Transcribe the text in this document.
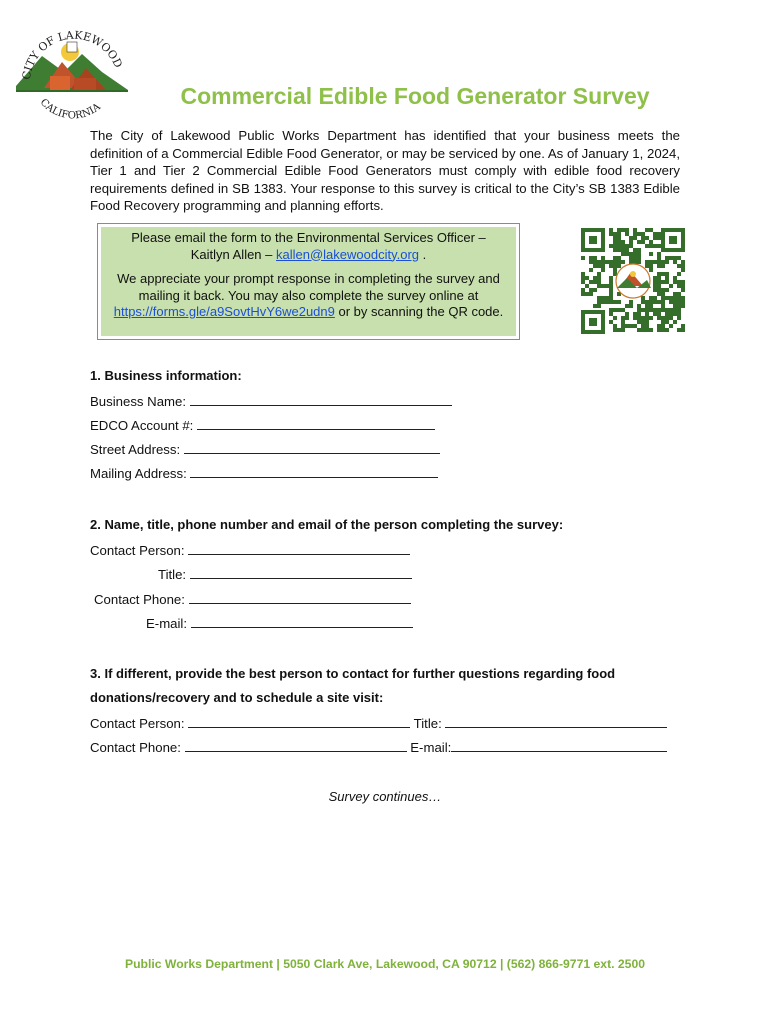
CITY OF LAKEWOOD
CALIFORNIA	Commercial Edible Food Generator Survey
The City of Lakewood Public Works Department has identified that your business meets the definition of a Commercial Edible Food Generator, or may be serviced by one. As of January 1, 2024, Tier 1 and Tier 2 Commercial Edible Food Generators must comply with edible food recovery requirements defined in SB 1383. Your response to this survey is critical to the City’s SB 1383 Edible Food Recovery programming and planning efforts.

Please email the form to the Environmental Services Officer –
Kaitlyn Allen – kallen@lakewoodcity.org .

We appreciate your prompt response in completing the survey and mailing it back. You may also complete the survey online at https://forms.gle/a9SovtHvY6we2udn9 or by scanning the QR code.

1. Business information:
Business Name:
EDCO Account #:
Street Address:
Mailing Address:
2. Name, title, phone number and email of the person completing the survey:
Contact Person:
Title:
Contact Phone:
E-mail:
3. If different, provide the best person to contact for further questions regarding food
donations/recovery and to schedule a site visit:
Contact Person:	Title:
Contact Phone:	E-mail:
Survey continues…
Public Works Department | 5050 Clark Ave, Lakewood, CA 90712 | (562) 866-9771 ext. 2500
